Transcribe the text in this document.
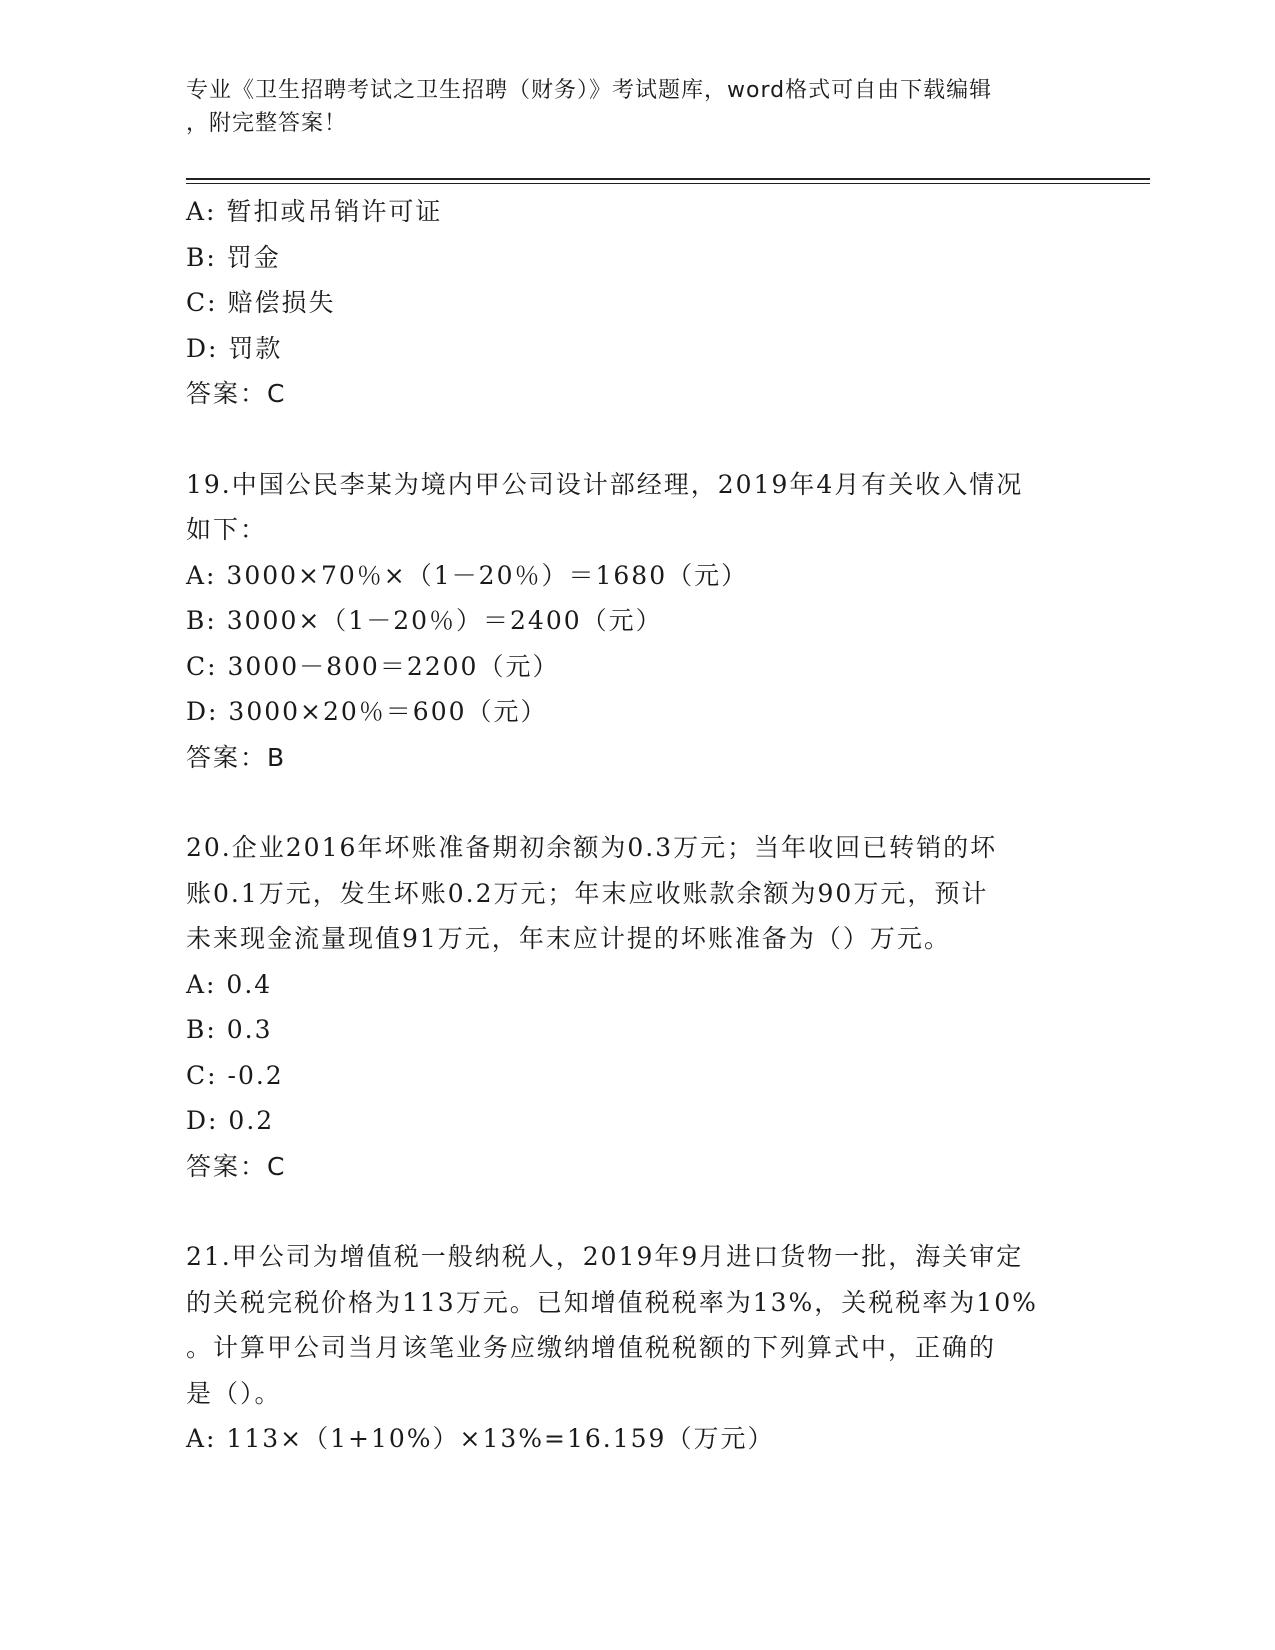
专业《卫生招聘考试之卫生招聘（财务）》考试题库，word格式可自由下载编辑
，附完整答案！
A: 暂扣或吊销许可证
B: 罚金
C: 赔偿损失
D: 罚款
答案：C
19.中国公民李某为境内甲公司设计部经理，2019年4月有关收入情况
如下：
A: 3000×70％×（1－20％）＝1680（元）
B: 3000×（1－20％）＝2400（元）
C: 3000－800＝2200（元）
D: 3000×20％＝600（元）
答案：B
20.企业2016年坏账准备期初余额为0.3万元；当年收回已转销的坏
账0.1万元，发生坏账0.2万元；年末应收账款余额为90万元，预计
未来现金流量现值91万元，年末应计提的坏账准备为（）万元。
A: 0.4
B: 0.3
C: -0.2
D: 0.2
答案：C
21.甲公司为增值税一般纳税人，2019年9月进口货物一批，海关审定
的关税完税价格为113万元。已知增值税税率为13%，关税税率为10%
。计算甲公司当月该笔业务应缴纳增值税税额的下列算式中，正确的
是（）。
A: 113×（1+10%）×13%=16.159（万元）
